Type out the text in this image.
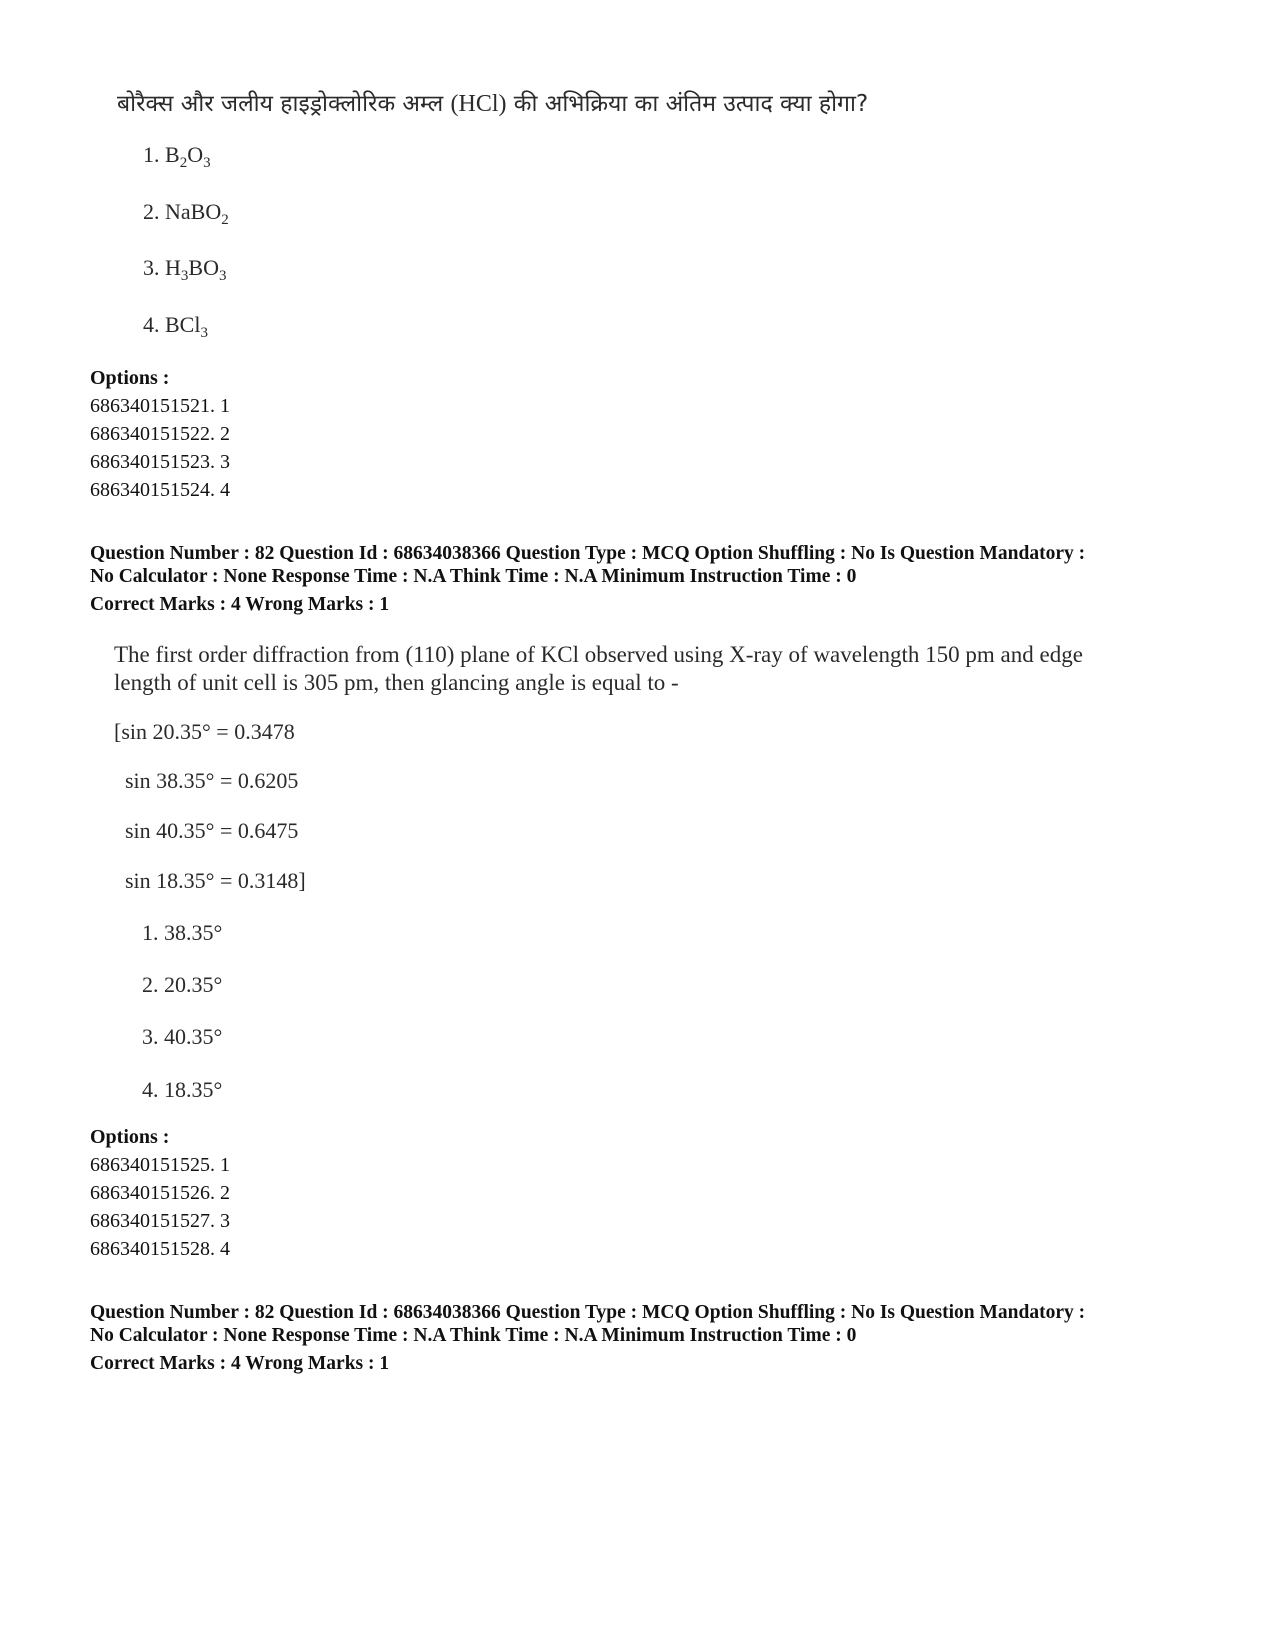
बोरैक्स और जलीय हाइड्रोक्लोरिक अम्ल (HCl) की अभिक्रिया का अंतिम उत्पाद क्या होगा?
1. $B_2O_3$
2. NaBO$_2$
3. $H_3BO_3$
4. BCl$_3$
Options :
686340151521. 1
686340151522. 2
686340151523. 3
686340151524. 4
Question Number : 82 Question Id : 68634038366 Question Type : MCQ Option Shuffling : No Is Question Mandatory :
No Calculator : None Response Time : N.A Think Time : N.A Minimum Instruction Time : 0
Correct Marks : 4 Wrong Marks : 1
The first order diffraction from (110) plane of KCl observed using X-ray of wavelength 150 pm and edge
length of unit cell is 305 pm, then glancing angle is equal to -
[sin 20.35° = 0.3478
sin 38.35° = 0.6205
sin 40.35° = 0.6475
sin 18.35° = 0.3148]
1. 38.35°
2. 20.35°
3. 40.35°
4. 18.35°
Options :
686340151525. 1
686340151526. 2
686340151527. 3
686340151528. 4
Question Number : 82 Question Id : 68634038366 Question Type : MCQ Option Shuffling : No Is Question Mandatory :
No Calculator : None Response Time : N.A Think Time : N.A Minimum Instruction Time : 0
Correct Marks : 4 Wrong Marks : 1
